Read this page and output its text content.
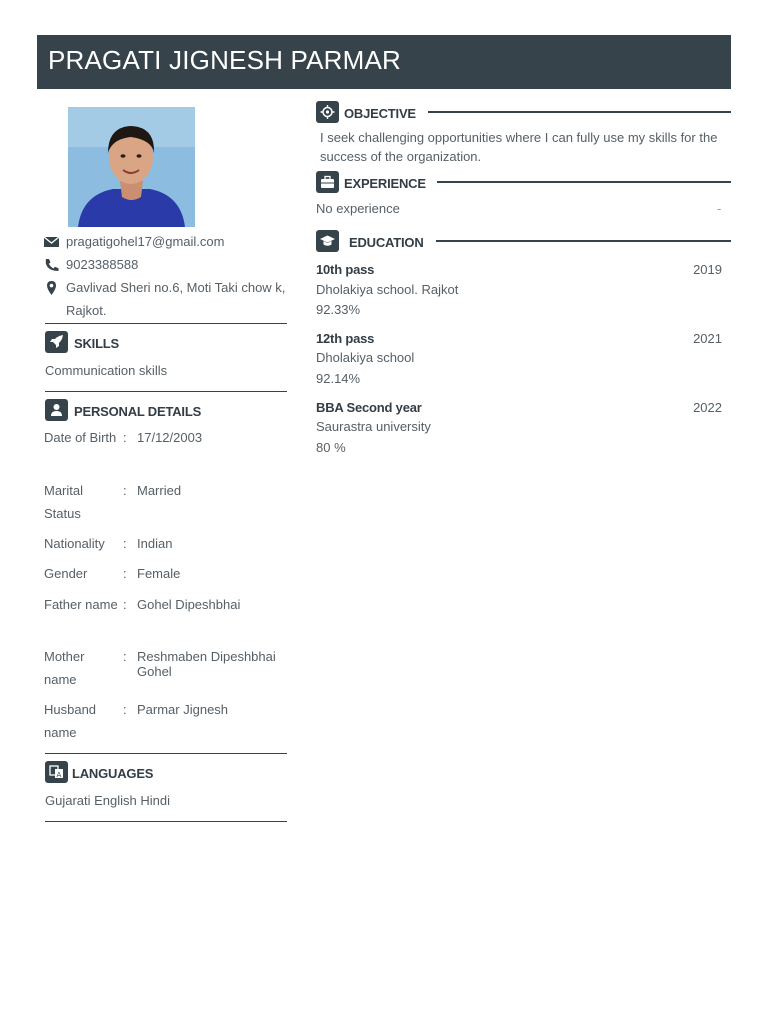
PRAGATI JIGNESH PARMAR
pragatigohel17@gmail.com
9023388588
Gavlivad Sheri no.6, Moti Taki chow k, Rajkot.
SKILLS
Communication skills
PERSONAL DETAILS
Date of Birth : 17/12/2003
Marital Status
: Married
Nationality	: Indian
Gender	: Female
Father name : Gohel Dipeshbhai
Mother name
: Reshmaben Dipeshbhai Gohel
Husband name
: Parmar Jignesh
A LANGUAGES
Gujarati English Hindi
OBJECTIVE
I seek challenging opportunities where I can fully use my skills for the success of the organization.
EXPERIENCE
No experience	-
EDUCATION
10th pass	2019
Dholakiya school. Rajkot
92.33%
12th pass	2021
Dholakiya school
92.14%
BBA Second year	2022
Saurastra university
80 %
